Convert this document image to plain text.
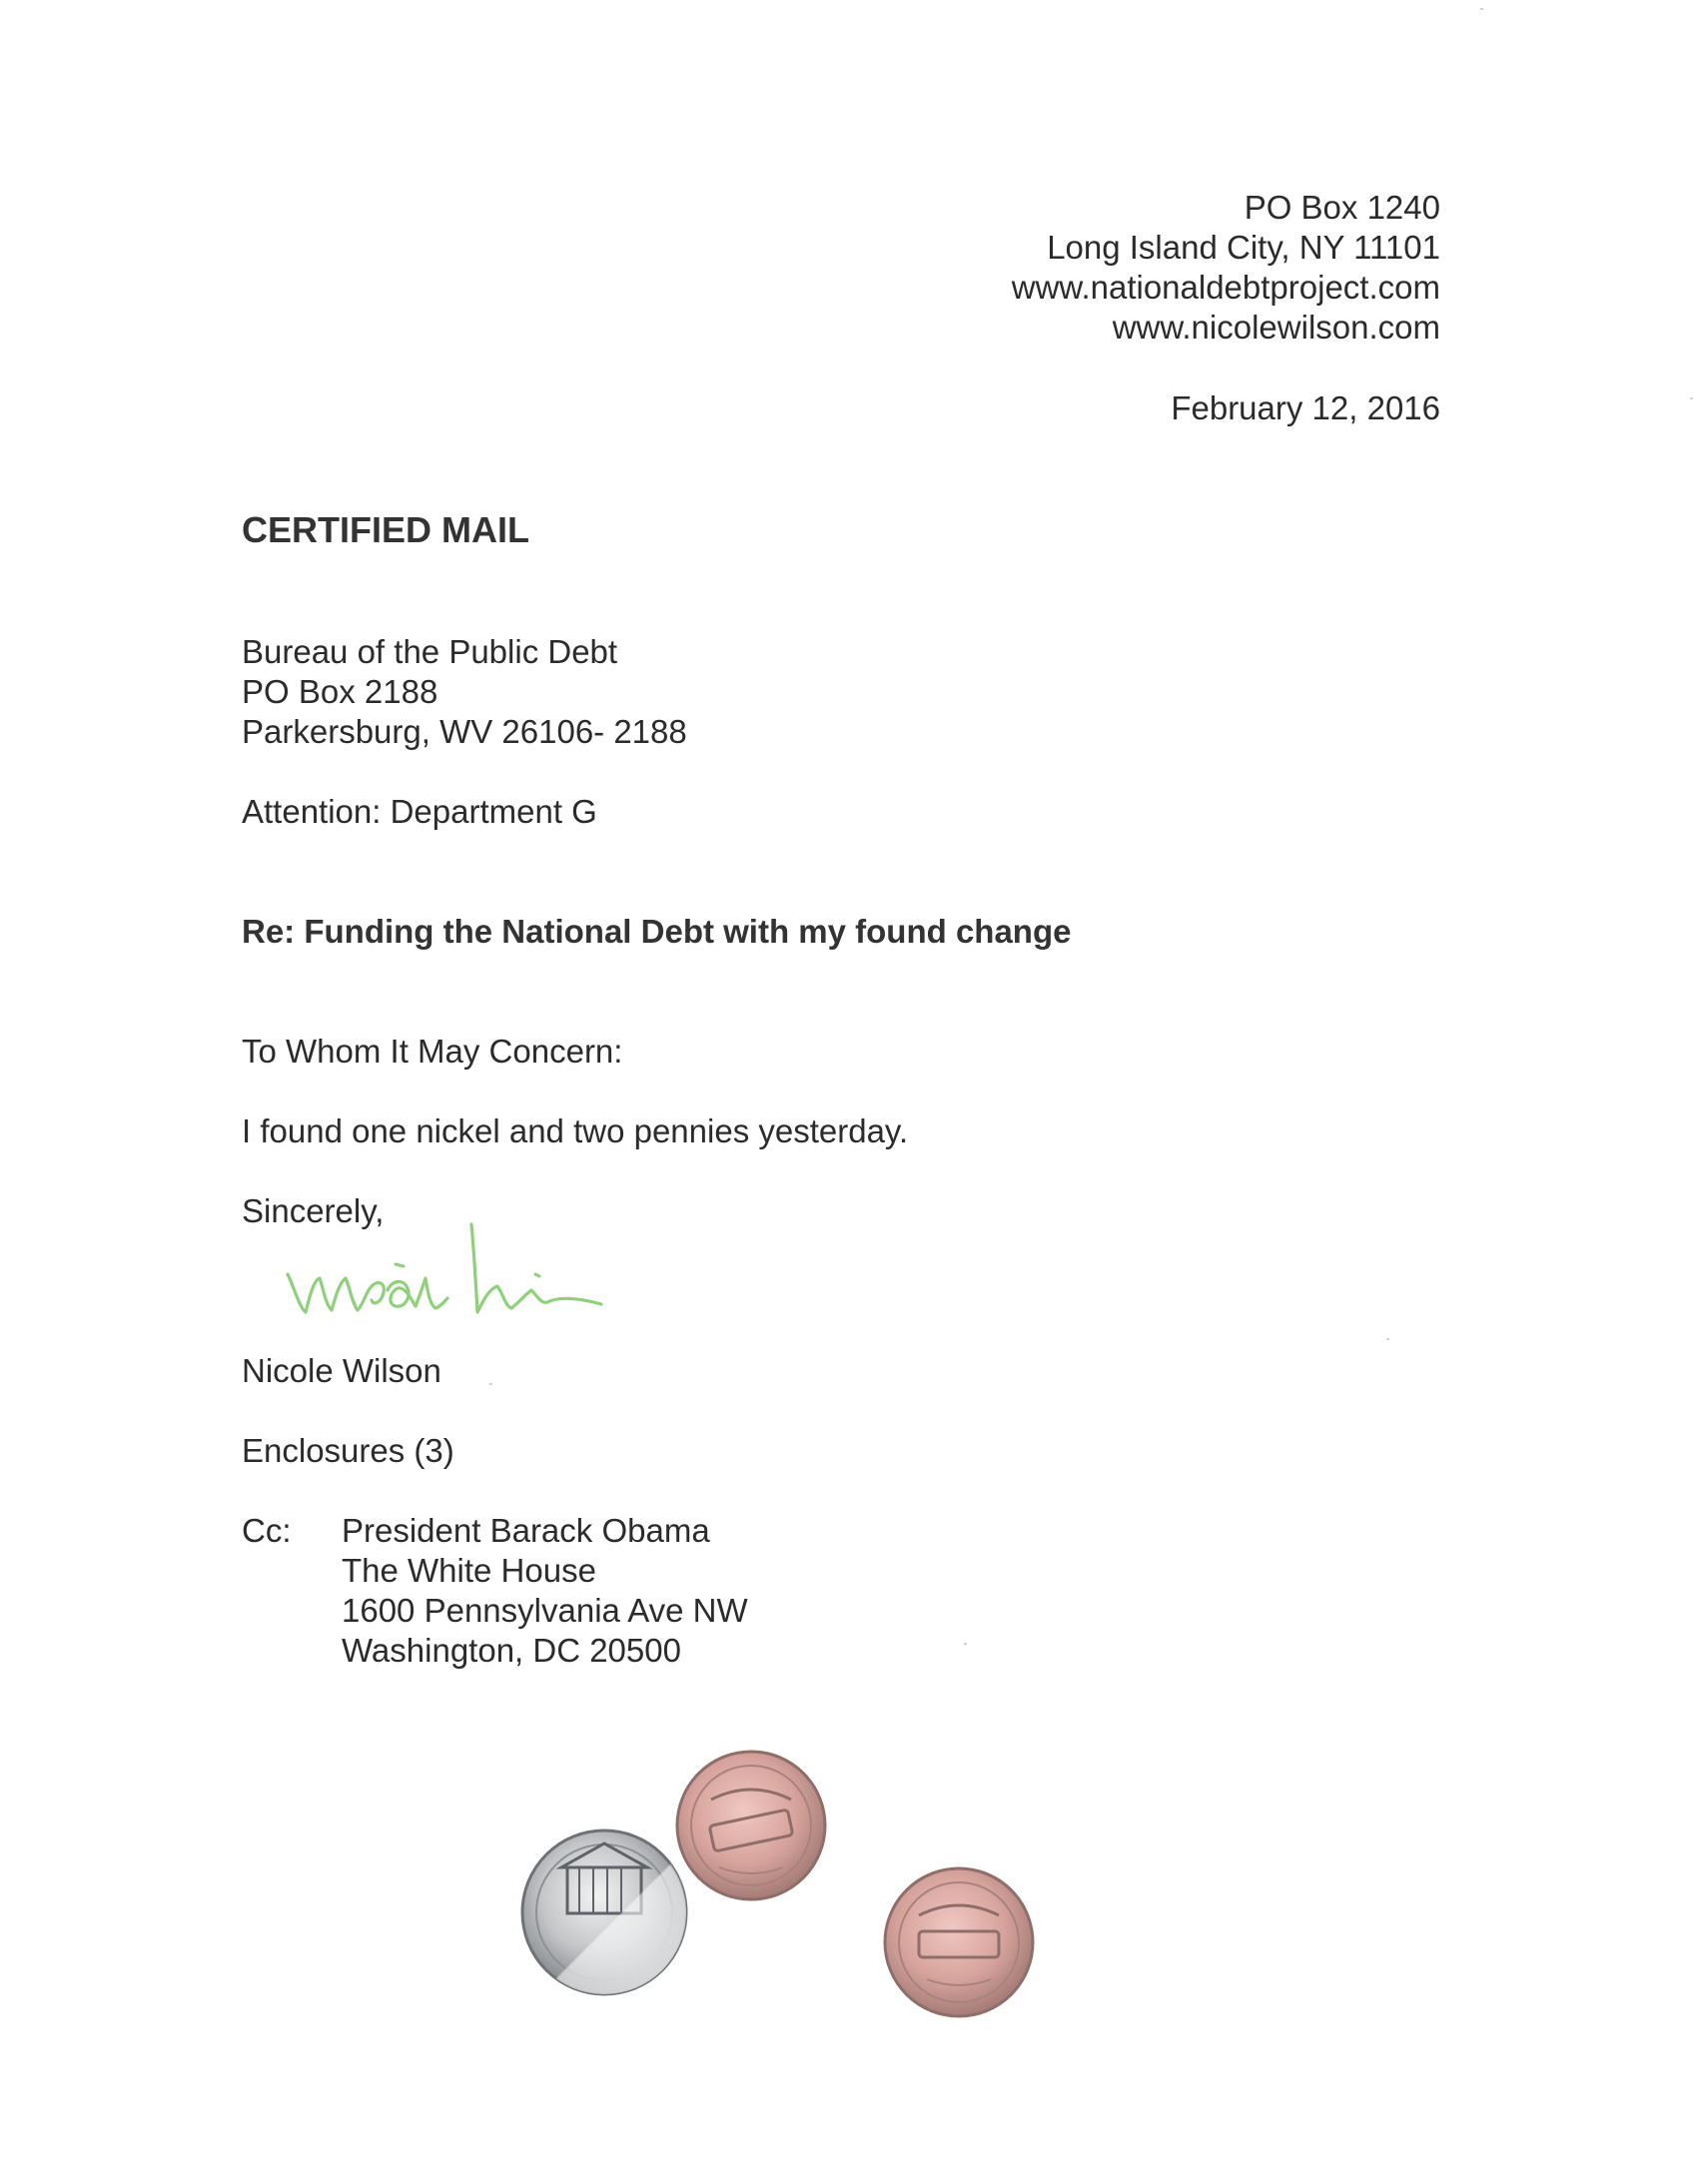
PO Box 1240
Long Island City, NY 11101
www.nationaldebtproject.com
www.nicolewilson.com
February 12, 2016
CERTIFIED MAIL
Bureau of the Public Debt
PO Box 2188
Parkersburg, WV 26106- 2188
Attention: Department G
Re: Funding the National Debt with my found change
To Whom It May Concern:
I found one nickel and two pennies yesterday.
Sincerely,
Nicole Wilson
Enclosures (3)
Cc: President Barack Obama
The White House
1600 Pennsylvania Ave NW
Washington, DC 20500
